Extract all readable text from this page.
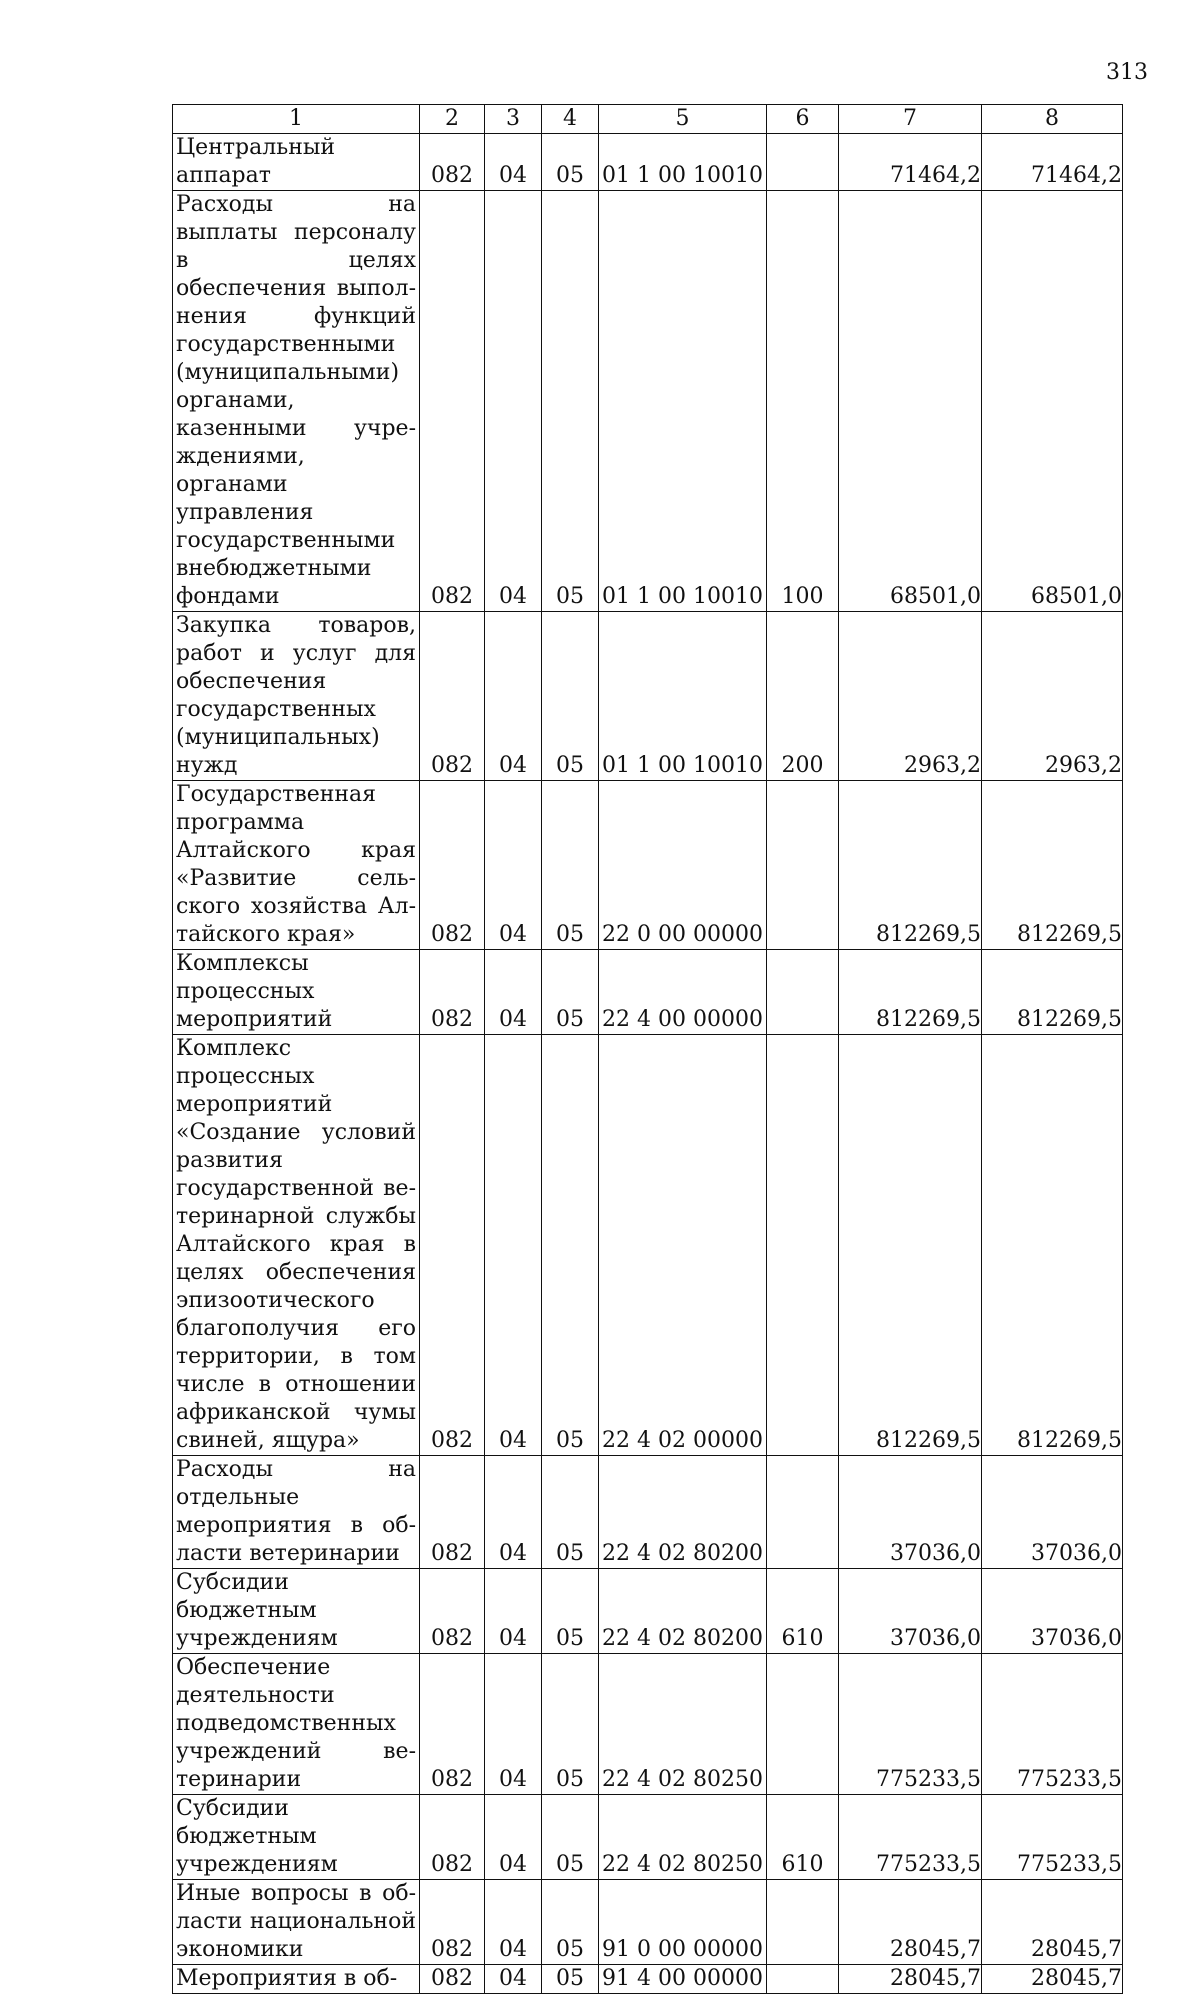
313
1	2	3	4	5	6	7	8
Центральный аппарат	082	04	05	01 1 00 10010		71464,2	71464,2
Расходы на выплаты персоналу в целях обеспечения выполнения функций государственными (муниципальными) органами, казенными учреждениями, органами управления государственными внебюджетными фондами	082	04	05	01 1 00 10010	100	68501,0	68501,0
Закупка товаров, работ и услуг для обеспечения государственных (муниципальных) нужд	082	04	05	01 1 00 10010	200	2963,2	2963,2
Государственная программа Алтайского края «Развитие сельского хозяйства Алтайского края»	082	04	05	22 0 00 00000		812269,5	812269,5
Комплексы процессных мероприятий	082	04	05	22 4 00 00000		812269,5	812269,5
Комплекс процессных мероприятий «Создание условий развития государственной ветеринарной службы Алтайского края в целях обеспечения эпизоотического благополучия его территории, в том числе в отношении африканской чумы свиней, ящура»	082	04	05	22 4 02 00000		812269,5	812269,5
Расходы на отдельные мероприятия в области ветеринарии	082	04	05	22 4 02 80200		37036,0	37036,0
Субсидии бюджетным учреждениям	082	04	05	22 4 02 80200	610	37036,0	37036,0
Обеспечение деятельности подведомственных учреждений ветеринарии	082	04	05	22 4 02 80250		775233,5	775233,5
Субсидии бюджетным учреждениям	082	04	05	22 4 02 80250	610	775233,5	775233,5
Иные вопросы в области национальной экономики	082	04	05	91 0 00 00000		28045,7	28045,7
Мероприятия в об-	082	04	05	91 4 00 00000		28045,7	28045,7
